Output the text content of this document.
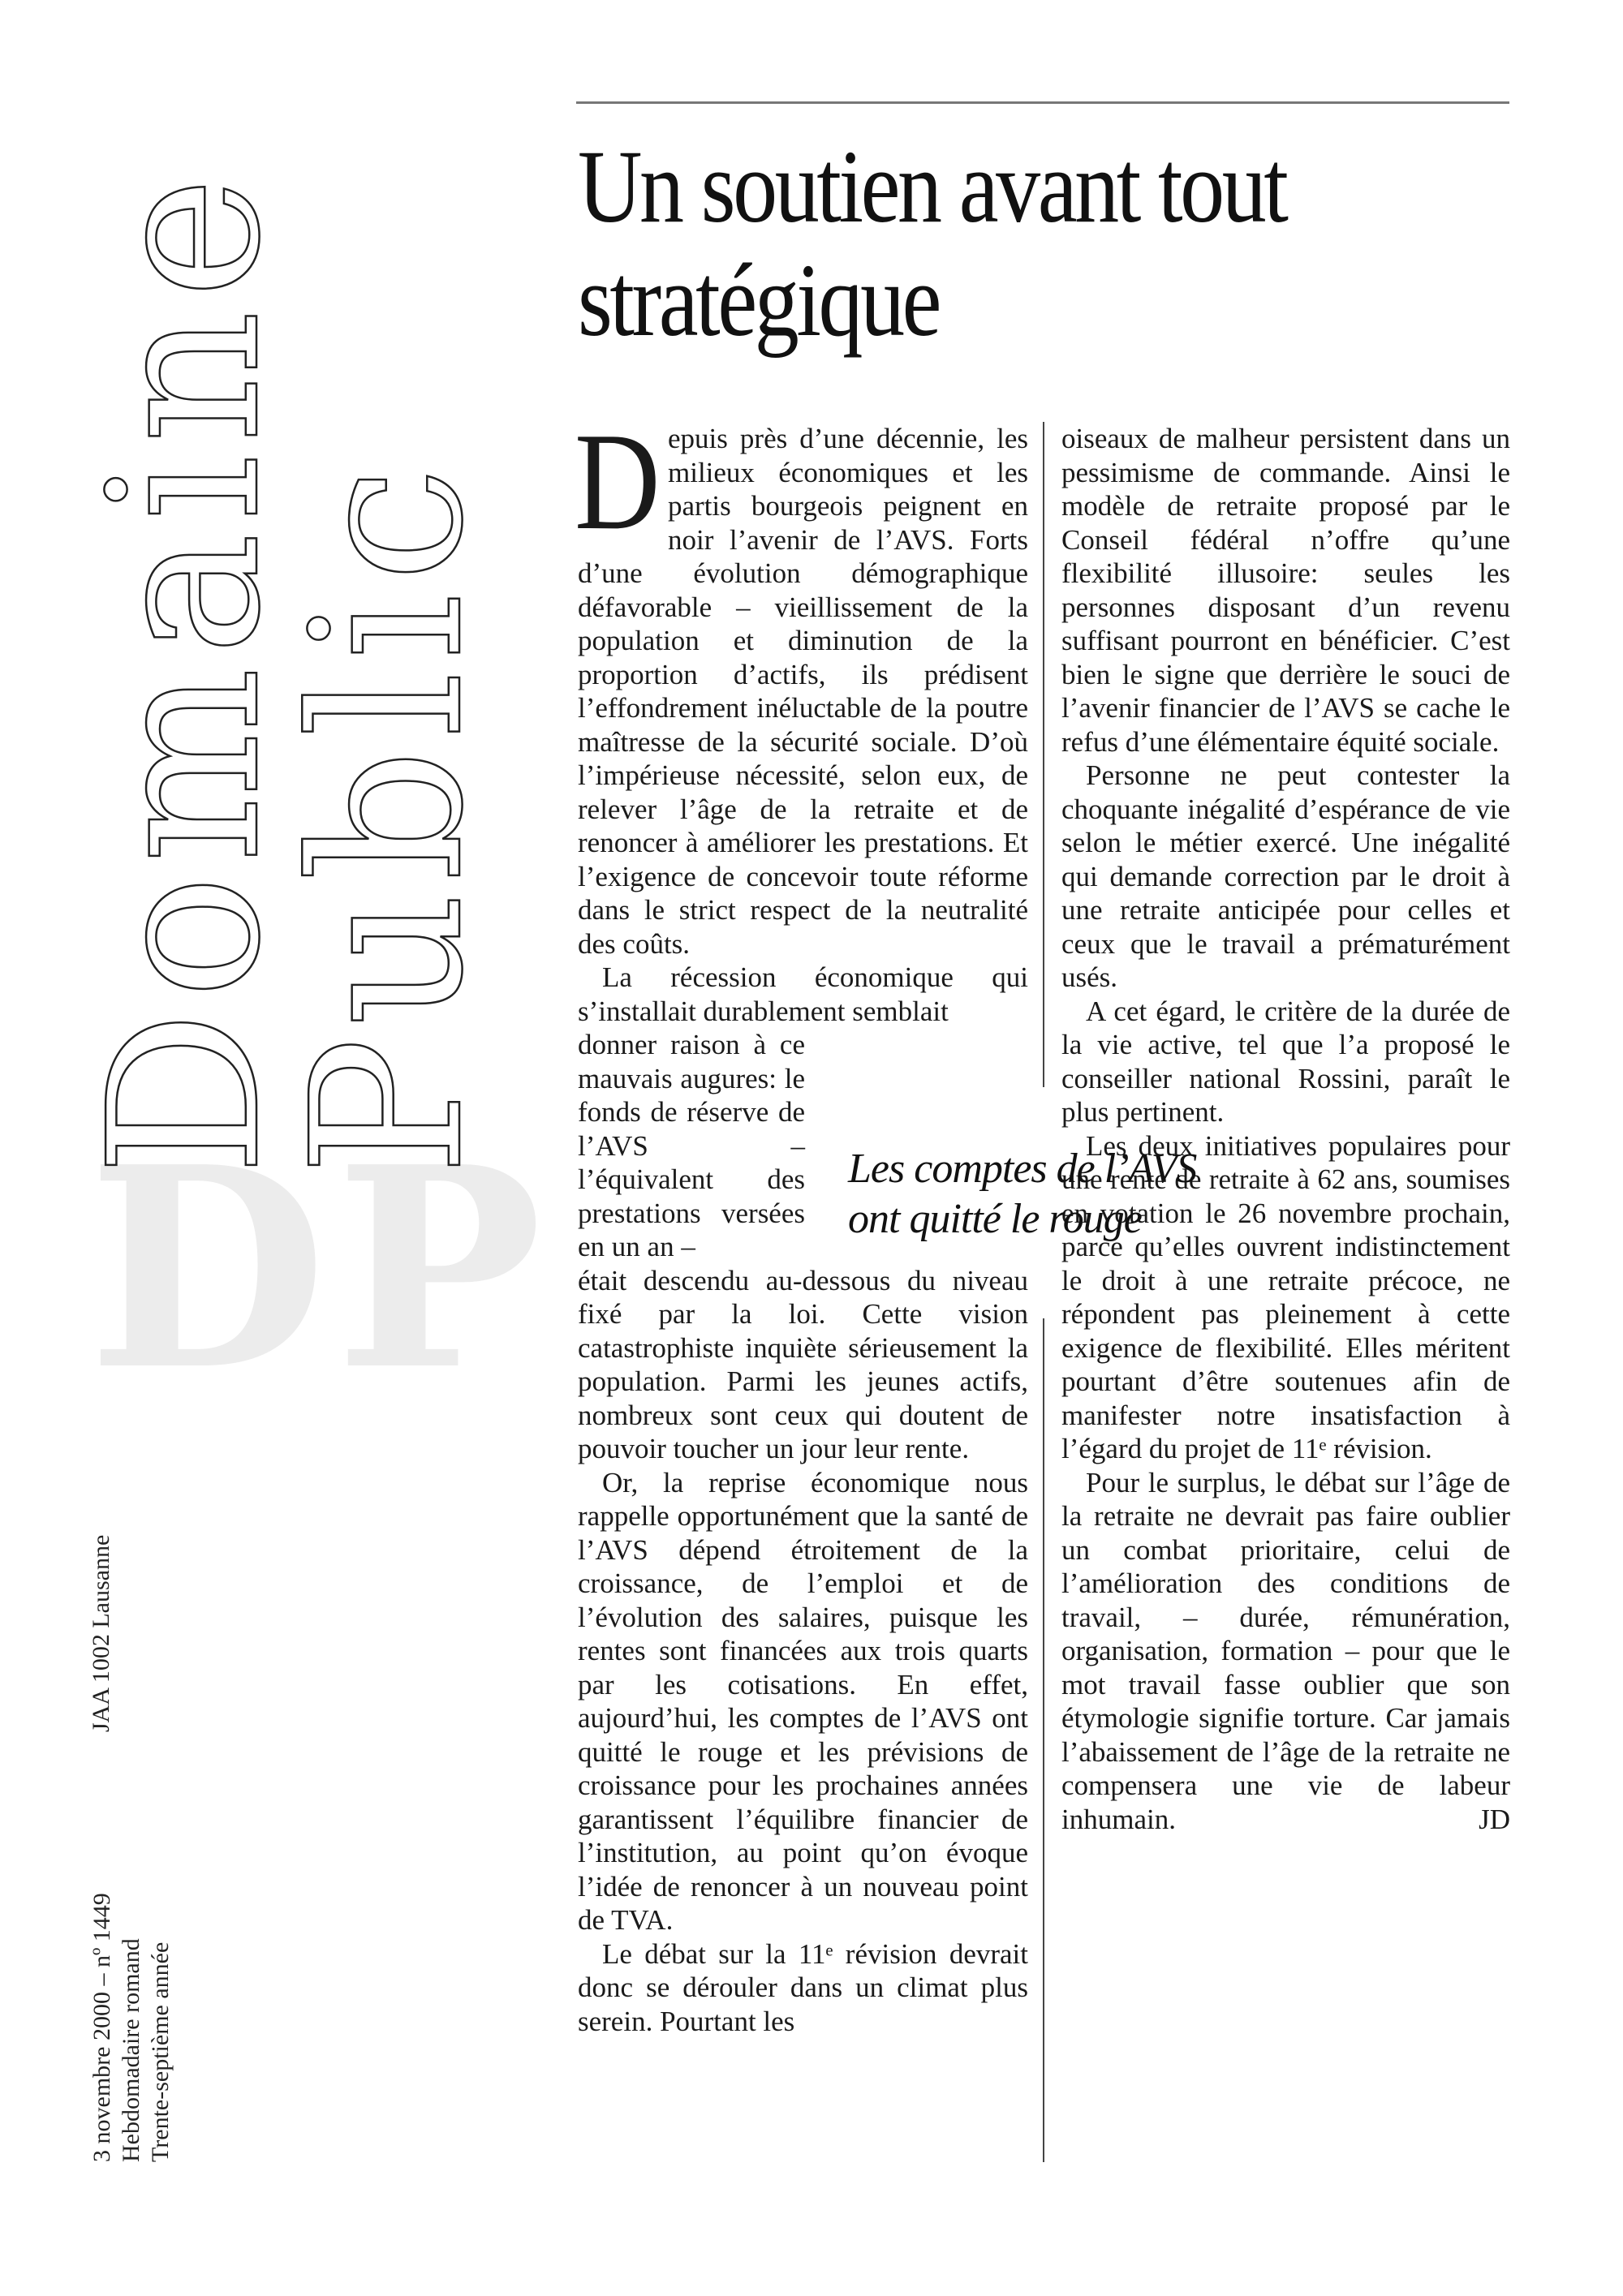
DP
Domaine
Public
JAA 1002 Lausanne
3 novembre 2000 – nº 1449 Hebdomadaire romand Trente-septième année
Un soutien avant tout stratégique

Depuis près d’une décennie, les milieux économiques et les partis bourgeois peignent en noir l’avenir de l’AVS. Forts d’une évolution démographique défavorable – vieillissement de la population et diminution de la proportion d’actifs, ils prédisent l’effondrement inéluctable de la poutre maîtresse de la sécurité sociale. D’où l’impérieuse nécessité, selon eux, de relever l’âge de la retraite et de renoncer à améliorer les prestations. Et l’exigence de concevoir toute réforme dans le strict respect de la neutralité des coûts.

La récession économique qui s’installait durablement semblait

donner raison à ce mauvais augures: le fonds de réserve de l’AVS – l’équivalent des prestations versées en un an –

était descendu au-dessous du niveau fixé par la loi. Cette vision catastrophiste inquiète sérieusement la population. Parmi les jeunes actifs, nombreux sont ceux qui doutent de pouvoir toucher un jour leur rente.

Or, la reprise économique nous rappelle opportunément que la santé de l’AVS dépend étroitement de la croissance, de l’emploi et de l’évolution des salaires, puisque les rentes sont financées aux trois quarts par les cotisations. En effet, aujourd’hui, les comptes de l’AVS ont quitté le rouge et les prévisions de croissance pour les prochaines années garantissent l’équilibre financier de l’institution, au point qu’on évoque l’idée de renoncer à un nouveau point de TVA.

Le débat sur la 11ᵉ révision devrait donc se dérouler dans un climat plus serein. Pourtant les

oiseaux de malheur persistent dans un pessimisme de commande. Ainsi le modèle de retraite proposé par le Conseil fédéral n’offre qu’une flexibilité illusoire: seules les personnes disposant d’un revenu suffisant pourront en bénéficier. C’est bien le signe que derrière le souci de l’avenir financier de l’AVS se cache le refus d’une élémentaire équité sociale.

Personne ne peut contester la choquante inégalité d’espérance de vie selon le métier exercé. Une inégalité qui demande correction par le droit à une retraite anticipée pour celles et ceux que le travail a prématurément usés.

A cet égard, le critère de la durée de la vie active, tel que l’a proposé le conseiller national Rossini, paraît le plus pertinent.

Les deux initiatives populaires pour une rente de retraite à 62 ans, soumises en votation le 26 novembre prochain, parce qu’elles ouvrent indistinctement le droit à une retraite précoce, ne répondent pas pleinement à cette exigence de flexibilité. Elles méritent pourtant d’être soutenues afin de manifester notre insatisfaction à l’égard du projet de 11ᵉ révision.

Pour le surplus, le débat sur l’âge de la retraite ne devrait pas faire oublier un combat prioritaire, celui de l’amélioration des conditions de travail, – durée, rémunération, organisation, formation – pour que le mot travail fasse oublier que son étymologie signifie torture. Car jamais l’abaissement de l’âge de la retraite ne compensera une vie de labeur inhumain.	JD

Les comptes de l’AVS ont quitté le rouge
